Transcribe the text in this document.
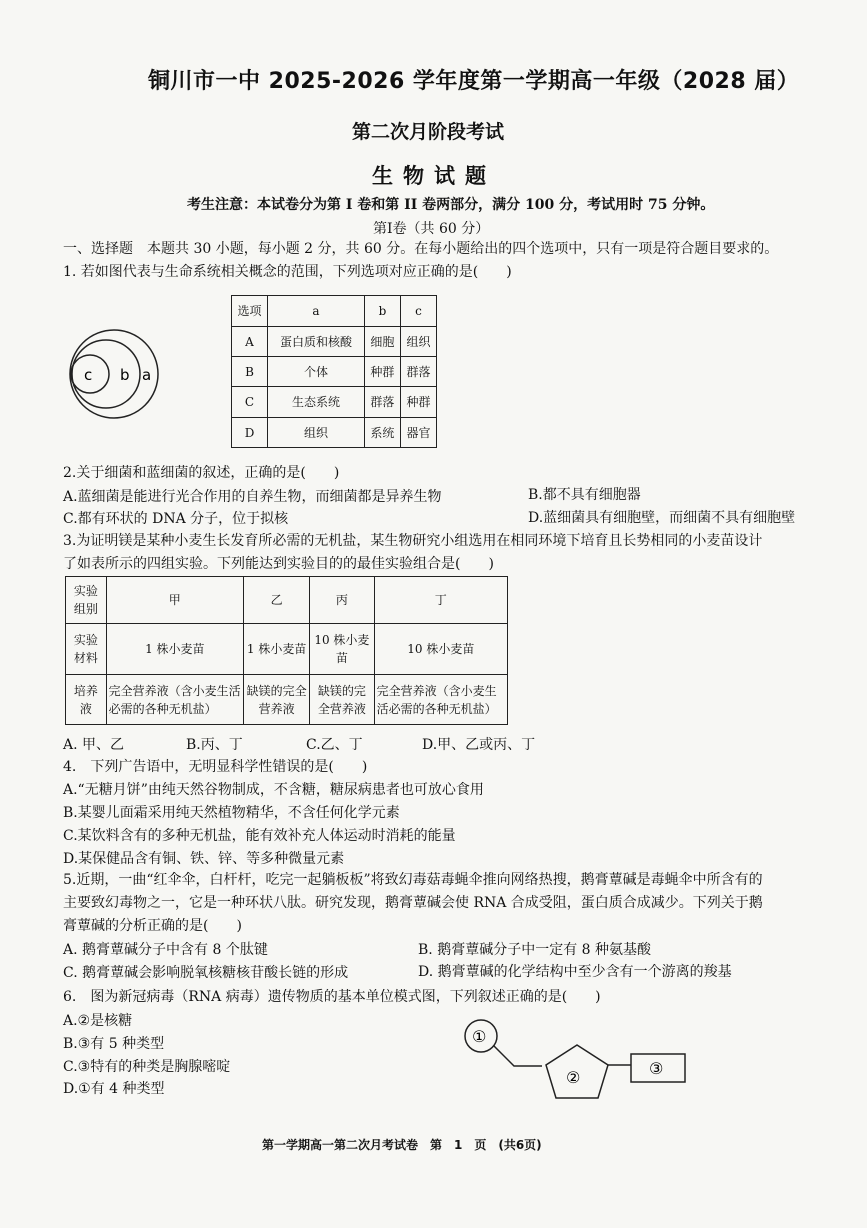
铜川市一中 2025-2026 学年度第一学期高一年级（2028 届）
第二次月阶段考试
生物试题
考生注意：本试卷分为第 I 卷和第 II 卷两部分，满分 100 分，考试用时 75 分钟。
第Ⅰ卷（共 60 分）
一、选择题　本题共 30 小题，每小题 2 分，共 60 分。在每小题给出的四个选项中，只有一项是符合题目要求的。
1. 若如图代表与生命系统相关概念的范围，下列选项对应正确的是(　　)
c b a
选项	a	b	c
A	蛋白质和核酸	细胞	组织
B	个体	种群	群落
C	生态系统	群落	种群
D	组织	系统	器官
2.关于细菌和蓝细菌的叙述，正确的是(　　)
A.蓝细菌是能进行光合作用的自养生物，而细菌都是异养生物	B.都不具有细胞器
C.都有环状的 DNA 分子，位于拟核	D.蓝细菌具有细胞壁，而细菌不具有细胞壁
3.为证明镁是某种小麦生长发育所必需的无机盐，某生物研究小组选用在相同环境下培育且长势相同的小麦苗设计
了如表所示的四组实验。下列能达到实验目的的最佳实验组合是(　　)
实验组别	甲	乙	丙	丁
实验材料	1 株小麦苗	1 株小麦苗	10 株小麦苗	10 株小麦苗
培养液	完全营养液（含小麦生活必需的各种无机盐）	缺镁的完全营养液	缺镁的完全营养液	完全营养液（含小麦生活必需的各种无机盐）
A. 甲、乙	B.丙、丁	C.乙、丁	D.甲、乙或丙、丁
4.　下列广告语中，无明显科学性错误的是(　　)
A.“无糖月饼”由纯天然谷物制成，不含糖，糖尿病患者也可放心食用
B.某婴儿面霜采用纯天然植物精华，不含任何化学元素
C.某饮料含有的多种无机盐，能有效补充人体运动时消耗的能量
D.某保健品含有铜、铁、锌、等多种微量元素
5.近期，一曲“红伞伞，白杆杆，吃完一起躺板板”将致幻毒菇毒蝇伞推向网络热搜，鹅膏蕈碱是毒蝇伞中所含有的
主要致幻毒物之一，它是一种环状八肽。研究发现，鹅膏蕈碱会使 RNA 合成受阻，蛋白质合成减少。下列关于鹅
膏蕈碱的分析正确的是(　　)
A. 鹅膏蕈碱分子中含有 8 个肽键	B. 鹅膏蕈碱分子中一定有 8 种氨基酸
C. 鹅膏蕈碱会影响脱氧核糖核苷酸长链的形成	D. 鹅膏蕈碱的化学结构中至少含有一个游离的羧基
6.　图为新冠病毒（RNA 病毒）遗传物质的基本单位模式图，下列叙述正确的是(　　)
A.②是核糖
B.③有 5 种类型
C.③特有的种类是胸腺嘧啶
D.①有 4 种类型
①
②	③
第一学期高一第二次月考试卷　第　1　页　(共6页)
